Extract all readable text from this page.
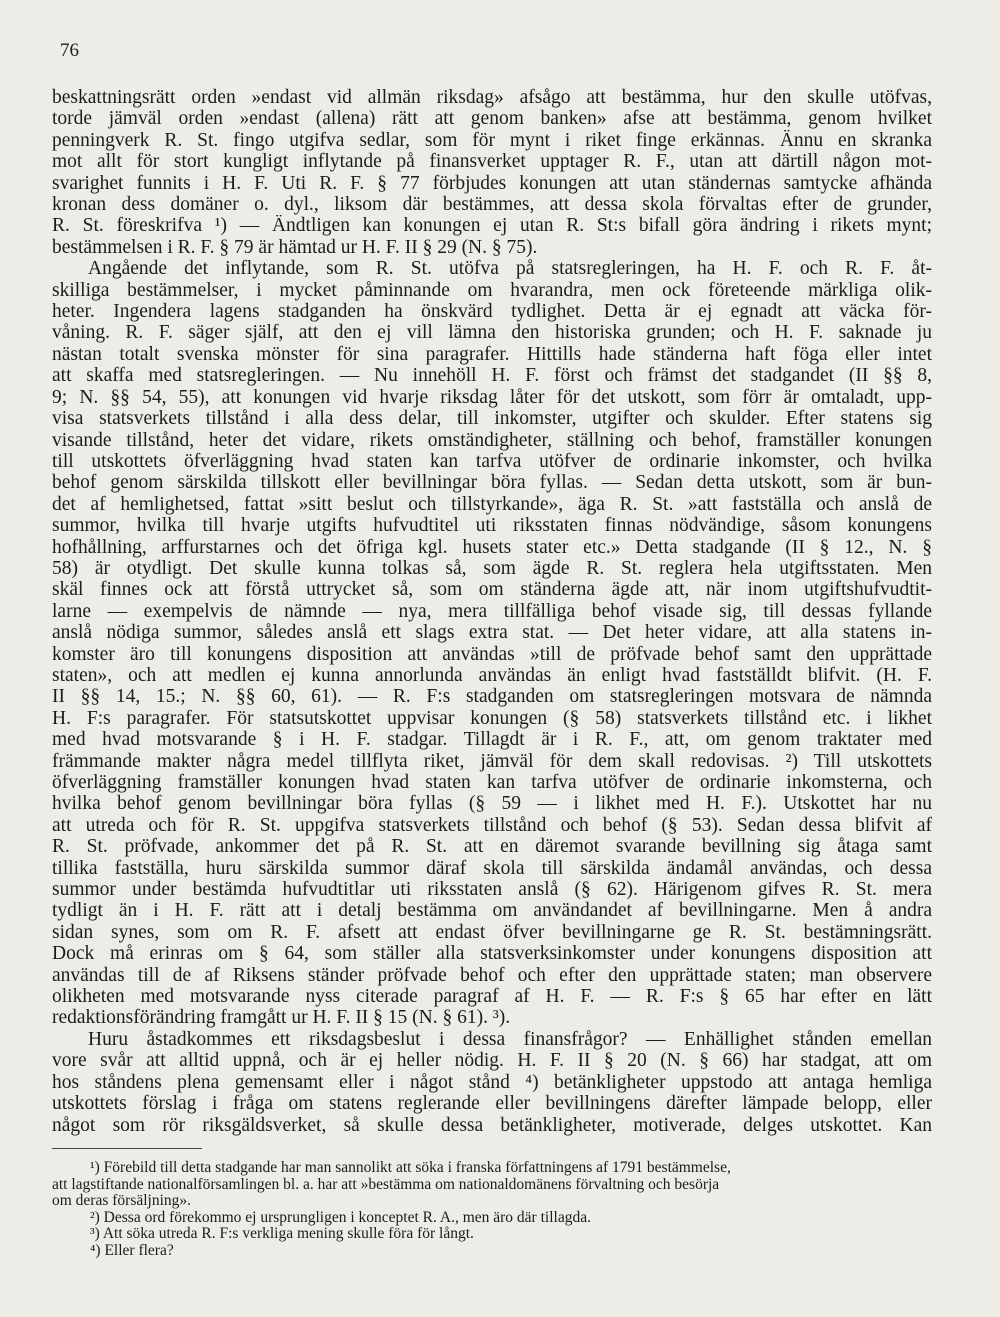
76
beskattningsrätt orden »endast vid allmän riksdag» afsågo att bestämma, hur den skulle utöfvas,
torde jämväl orden »endast (allena) rätt att genom banken» afse att bestämma, genom hvilket
penningverk R. St. fingo utgifva sedlar, som för mynt i riket finge erkännas. Ännu en skranka
mot allt för stort kungligt inflytande på finansverket upptager R. F., utan att därtill någon mot-
svarighet funnits i H. F. Uti R. F. § 77 förbjudes konungen att utan ständernas samtycke afhända
kronan dess domäner o. dyl., liksom där bestämmes, att dessa skola förvaltas efter de grunder,
R. St. föreskrifva ¹) — Ändtligen kan konungen ej utan R. St:s bifall göra ändring i rikets mynt;
bestämmelsen i R. F. § 79 är hämtad ur H. F. II § 29 (N. § 75).
Angående det inflytande, som R. St. utöfva på statsregleringen, ha H. F. och R. F. åt-
skilliga bestämmelser, i mycket påminnande om hvarandra, men ock företeende märkliga olik-
heter. Ingendera lagens stadganden ha önskvärd tydlighet. Detta är ej egnadt att väcka för-
våning. R. F. säger själf, att den ej vill lämna den historiska grunden; och H. F. saknade ju
nästan totalt svenska mönster för sina paragrafer. Hittills hade ständerna haft föga eller intet
att skaffa med statsregleringen. — Nu innehöll H. F. först och främst det stadgandet (II §§ 8,
9; N. §§ 54, 55), att konungen vid hvarje riksdag låter för det utskott, som förr är omtaladt, upp-
visa statsverkets tillstånd i alla dess delar, till inkomster, utgifter och skulder. Efter statens sig
visande tillstånd, heter det vidare, rikets omständigheter, ställning och behof, framställer konungen
till utskottets öfverläggning hvad staten kan tarfva utöfver de ordinarie inkomster, och hvilka
behof genom särskilda tillskott eller bevillningar böra fyllas. — Sedan detta utskott, som är bun-
det af hemlighetsed, fattat »sitt beslut och tillstyrkande», äga R. St. »att fastställa och anslå de
summor, hvilka till hvarje utgifts hufvudtitel uti riksstaten finnas nödvändige, såsom konungens
hofhållning, arffurstarnes och det öfriga kgl. husets stater etc.» Detta stadgande (II § 12., N. §
58) är otydligt. Det skulle kunna tolkas så, som ägde R. St. reglera hela utgiftsstaten. Men
skäl finnes ock att förstå uttrycket så, som om ständerna ägde att, när inom utgiftshufvudtit-
larne — exempelvis de nämnde — nya, mera tillfälliga behof visade sig, till dessas fyllande
anslå nödiga summor, således anslå ett slags extra stat. — Det heter vidare, att alla statens in-
komster äro till konungens disposition att användas »till de pröfvade behof samt den upprättade
staten», och att medlen ej kunna annorlunda användas än enligt hvad fastställdt blifvit. (H. F.
II §§ 14, 15.; N. §§ 60, 61). — R. F:s stadganden om statsregleringen motsvara de nämnda
H. F:s paragrafer. För statsutskottet uppvisar konungen (§ 58) statsverkets tillstånd etc. i likhet
med hvad motsvarande § i H. F. stadgar. Tillagdt är i R. F., att, om genom traktater med
främmande makter några medel tillflyta riket, jämväl för dem skall redovisas. ²) Till utskottets
öfverläggning framställer konungen hvad staten kan tarfva utöfver de ordinarie inkomsterna, och
hvilka behof genom bevillningar böra fyllas (§ 59 — i likhet med H. F.). Utskottet har nu
att utreda och för R. St. uppgifva statsverkets tillstånd och behof (§ 53). Sedan dessa blifvit af
R. St. pröfvade, ankommer det på R. St. att en däremot svarande bevillning sig åtaga samt
tillika fastställa, huru särskilda summor däraf skola till särskilda ändamål användas, och dessa
summor under bestämda hufvudtitlar uti riksstaten anslå (§ 62). Härigenom gifves R. St. mera
tydligt än i H. F. rätt att i detalj bestämma om användandet af bevillningarne. Men å andra
sidan synes, som om R. F. afsett att endast öfver bevillningarne ge R. St. bestämningsrätt.
Dock må erinras om § 64, som ställer alla statsverksinkomster under konungens disposition att
användas till de af Riksens ständer pröfvade behof och efter den upprättade staten; man observere
olikheten med motsvarande nyss citerade paragraf af H. F. — R. F:s § 65 har efter en lätt
redaktionsförändring framgått ur H. F. II § 15 (N. § 61). ³).
Huru åstadkommes ett riksdagsbeslut i dessa finansfrågor? — Enhällighet stånden emellan
vore svår att alltid uppnå, och är ej heller nödig. H. F. II § 20 (N. § 66) har stadgat, att om
hos ståndens plena gemensamt eller i något stånd ⁴) betänkligheter uppstodo att antaga hemliga
utskottets förslag i fråga om statens reglerande eller bevillningens därefter lämpade belopp, eller
något som rör riksgäldsverket, så skulle dessa betänkligheter, motiverade, delges utskottet. Kan
¹) Förebild till detta stadgande har man sannolikt att söka i franska författningens af 1791 bestämmelse,
att lagstiftande nationalförsamlingen bl. a. har att »bestämma om nationaldomänens förvaltning och besörja
om deras försäljning».
²) Dessa ord förekommo ej ursprungligen i konceptet R. A., men äro där tillagda.
³) Att söka utreda R. F:s verkliga mening skulle föra för långt.
⁴) Eller flera?
